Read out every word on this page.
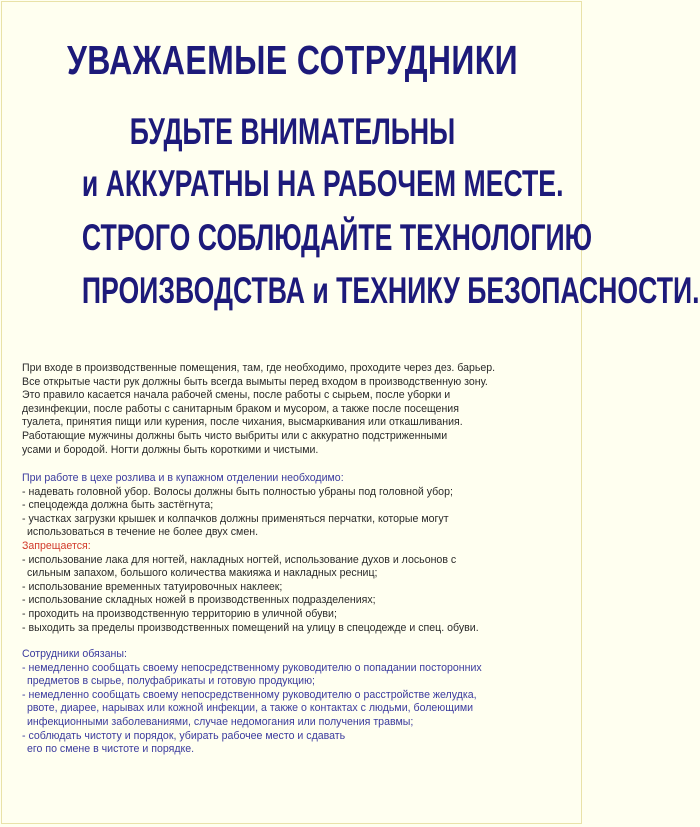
УВАЖАЕМЫЕ СОТРУДНИКИ
БУДЬТЕ ВНИМАТЕЛЬНЫ
и АККУРАТНЫ НА РАБОЧЕМ МЕСТЕ.
СТРОГО СОБЛЮДАЙТЕ ТЕХНОЛОГИЮ
ПРОИЗВОДСТВА и ТЕХНИКУ БЕЗОПАСНОСТИ.
При входе в производственные помещения, там, где необходимо, проходите через дез. барьер.
Все открытые части рук должны быть всегда вымыты перед входом в производственную зону.
Это правило касается начала рабочей смены, после работы с сырьем, после уборки и
дезинфекции, после работы с санитарным браком и мусором, а также после посещения
туалета, принятия пищи или курения, после чихания, высмаркивания или откашливания.
Работающие мужчины должны быть чисто выбриты или с аккуратно подстриженными
усами и бородой. Ногти должны быть короткими и чистыми.
При работе в цехе розлива и в купажном отделении необходимо:
- надевать головной убор. Волосы должны быть полностью убраны под головной убор;
- спецодежда должна быть застёгнута;
- участках загрузки крышек и колпачков должны применяться перчатки, которые могут
использоваться в течение не более двух смен.
Запрещается:
- использование лака для ногтей, накладных ногтей, использование духов и лосьонов с
сильным запахом, большого количества макияжа и накладных ресниц;
- использование временных татуировочных наклеек;
- использование складных ножей в производственных подразделениях;
- проходить на производственную территорию в уличной обуви;
- выходить за пределы производственных помещений на улицу в спецодежде и спец. обуви.
Сотрудники обязаны:
- немедленно сообщать своему непосредственному руководителю о попадании посторонних
предметов в сырье, полуфабрикаты и готовую продукцию;
- немедленно сообщать своему непосредственному руководителю о расстройстве желудка,
рвоте, диарее, нарывах или кожной инфекции, а также о контактах с людьми, болеющими
инфекционными заболеваниями, случае недомогания или получения травмы;
- соблюдать чистоту и порядок, убирать рабочее место и сдавать
его по смене в чистоте и порядке.
